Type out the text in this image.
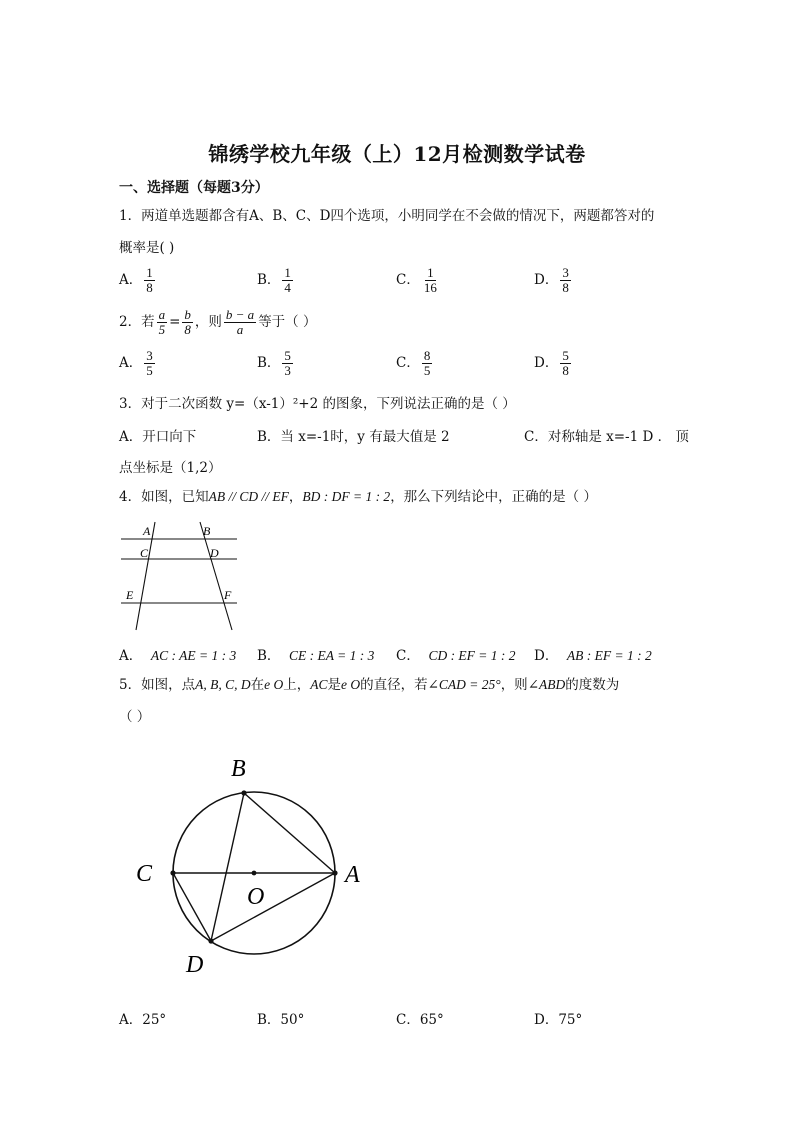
锦绣学校九年级（上）12月检测数学试卷
一、选择题（每题3分）
1．两道单选题都含有A、B、C、D四个选项，小明同学在不会做的情况下，两题都答对的
概率是( )
A． $\frac{1}{8}$	B． $\frac{1}{4}$	C． $\frac{1}{16}$	D． $\frac{3}{8}$
2．若 $\frac{a}{5} = \frac{b}{8}$ ，则 $\frac{b - a}{a}$ 等于（ ）
A． $\frac{3}{5}$	B． $\frac{5}{3}$	C． $\frac{8}{5}$	D． $\frac{5}{8}$
3．对于二次函数 y=（x-1）²+2 的图象，下列说法正确的是（ ）
A．开口向下	B．当 x=-1时，y 有最大值是 2	C．对称轴是 x=-1 D ． 顶
点坐标是（1,2）
4．如图，已知AB // CD // EF，BD : DF = 1 : 2，那么下列结论中，正确的是（ ）
A	B
C	D
E	F
A． AC : AE = 1 : 3 B． CE : EA = 1 : 3 C． CD : EF = 1 : 2 D． AB : EF = 1 : 2
5．如图，点A, B, C, D在e O上，AC是e O的直径，若∠CAD = 25°，则∠ABD的度数为
（ ）
B
C	A
O
D
A．25°	B．50°	C．65°	D．75°
